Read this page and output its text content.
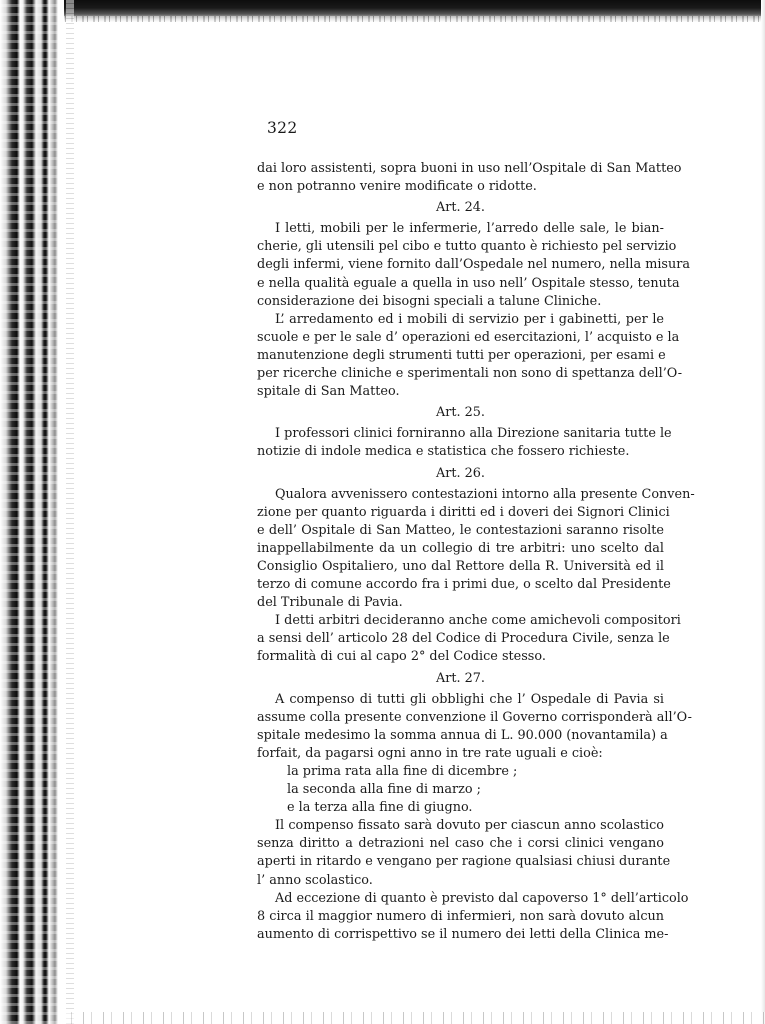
322
dai loro assistenti, sopra buoni in uso nell’Ospitale di San Matteo
e non potranno venire modificate o ridotte.
Art. 24.
I letti, mobili per le infermerie, l’arredo delle sale, le bian-
cherie, gli utensili pel cibo e tutto quanto è richiesto pel servizio
degli infermi, viene fornito dall’Ospedale nel numero, nella misura
e nella qualità eguale a quella in uso nell’ Ospitale stesso, tenuta
considerazione dei bisogni speciali a talune Cliniche.
L’ arredamento ed i mobili di servizio per i gabinetti, per le
scuole e per le sale d’ operazioni ed esercitazioni, l’ acquisto e la
manutenzione degli strumenti tutti per operazioni, per esami e
per ricerche cliniche e sperimentali non sono di spettanza dell’O-
spitale di San Matteo.
Art. 25.
I professori clinici forniranno alla Direzione sanitaria tutte le
notizie di indole medica e statistica che fossero richieste.
Art. 26.
Qualora avvenissero contestazioni intorno alla presente Conven-
zione per quanto riguarda i diritti ed i doveri dei Signori Clinici
e dell’ Ospitale di San Matteo, le contestazioni saranno risolte
inappellabilmente da un collegio di tre arbitri: uno scelto dal
Consiglio Ospitaliero, uno dal Rettore della R. Università ed il
terzo di comune accordo fra i primi due, o scelto dal Presidente
del Tribunale di Pavia.
I detti arbitri decideranno anche come amichevoli compositori
a sensi dell’ articolo 28 del Codice di Procedura Civile, senza le
formalità di cui al capo 2° del Codice stesso.
Art. 27.
A compenso di tutti gli obblighi che l’ Ospedale di Pavia si
assume colla presente convenzione il Governo corrisponderà all’O-
spitale medesimo la somma annua di L. 90.000 (novantamila) a
forfait, da pagarsi ogni anno in tre rate uguali e cioè:
la prima rata alla fine di dicembre ;
la seconda alla fine di marzo ;
e la terza alla fine di giugno.
Il compenso fissato sarà dovuto per ciascun anno scolastico
senza diritto a detrazioni nel caso che i corsi clinici vengano
aperti in ritardo e vengano per ragione qualsiasi chiusi durante
l’ anno scolastico.
Ad eccezione di quanto è previsto dal capoverso 1° dell’articolo
8 circa il maggior numero di infermieri, non sarà dovuto alcun
aumento di corrispettivo se il numero dei letti della Clinica me-
